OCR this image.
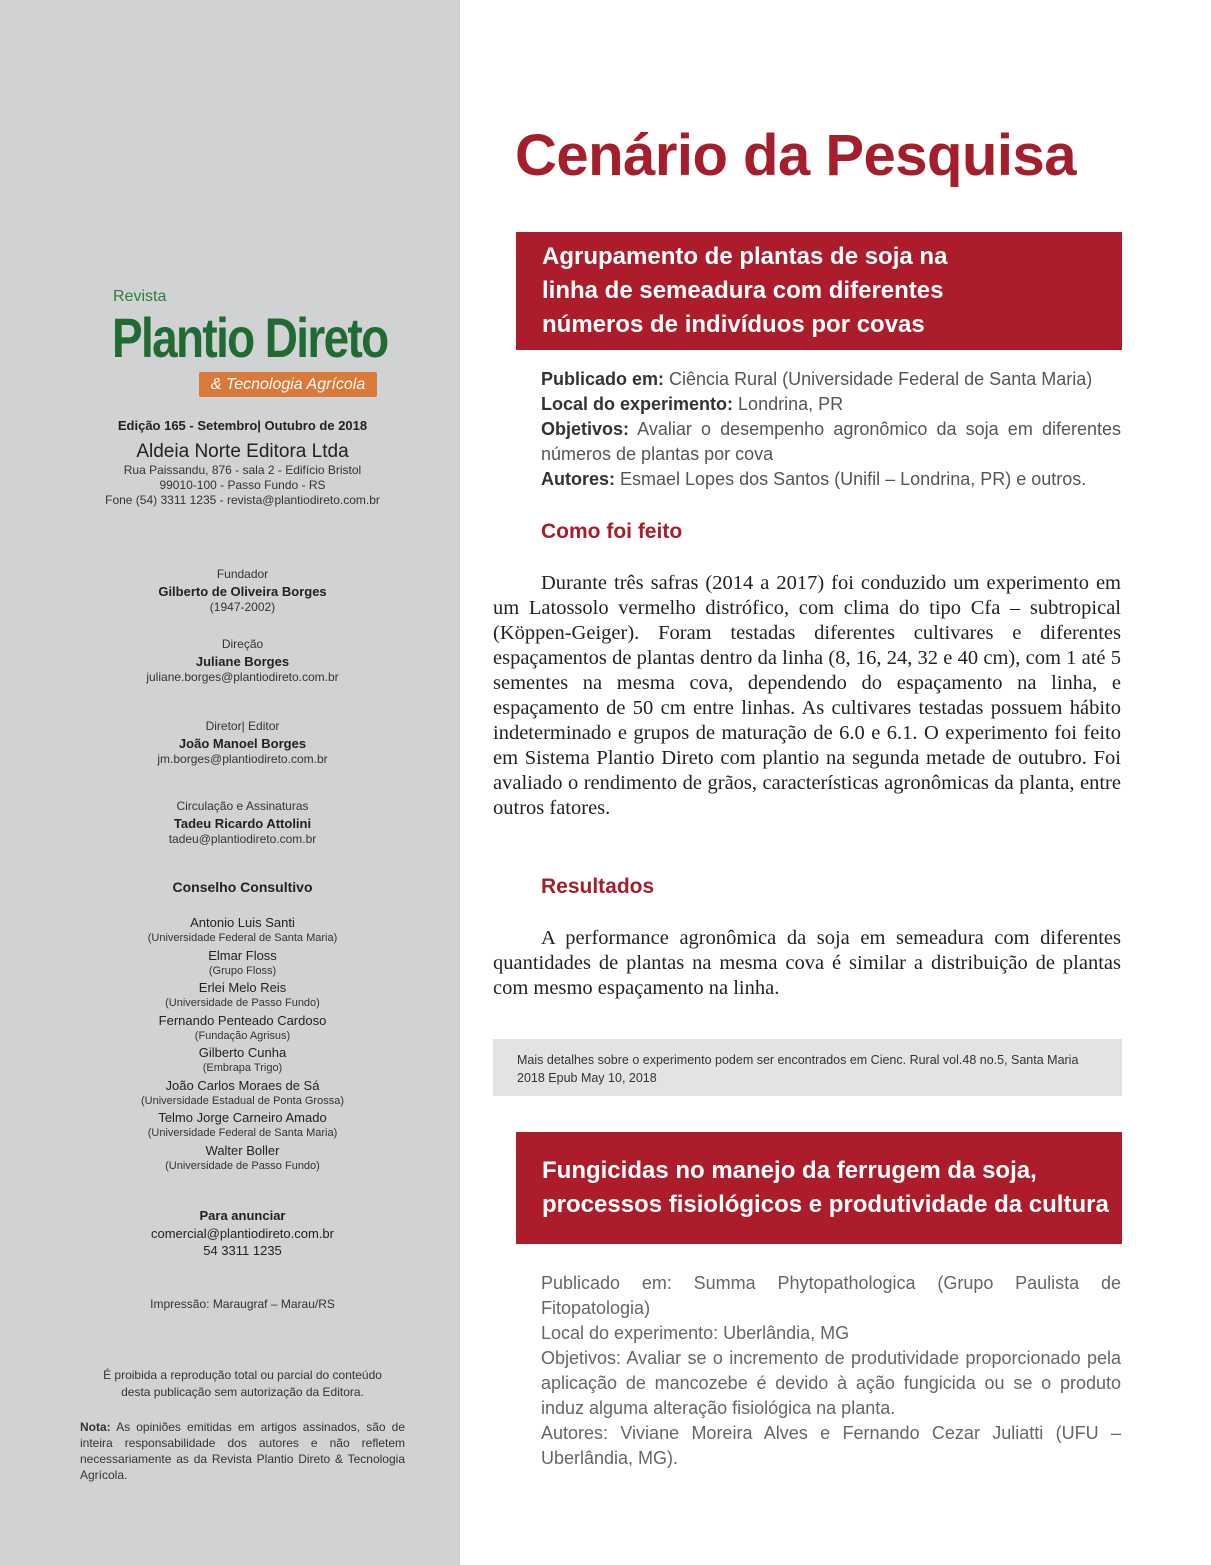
Revista
Plantio Direto
& Tecnologia Agrícola
Edição 165 - Setembro| Outubro de 2018
Aldeia Norte Editora Ltda
Rua Paissandu, 876 - sala 2 - Edifício Bristol
99010-100 - Passo Fundo - RS
Fone (54) 3311 1235 - revista@plantiodireto.com.br
Fundador
Gilberto de Oliveira Borges
(1947-2002)
Direção
Juliane Borges
juliane.borges@plantiodireto.com.br
Diretor| Editor
João Manoel Borges
jm.borges@plantiodireto.com.br
Circulação e Assinaturas
Tadeu Ricardo Attolini
tadeu@plantiodireto.com.br
Conselho Consultivo
Antonio Luis Santi
(Universidade Federal de Santa Maria)
Elmar Floss
(Grupo Floss)
Erlei Melo Reis
(Universidade de Passo Fundo)
Fernando Penteado Cardoso
(Fundação Agrisus)
Gilberto Cunha
(Embrapa Trigo)
João Carlos Moraes de Sá
(Universidade Estadual de Ponta Grossa)
Telmo Jorge Carneiro Amado
(Universidade Federal de Santa Maria)
Walter Boller
(Universidade de Passo Fundo)
Para anunciar
comercial@plantiodireto.com.br
54 3311 1235
Impressão: Maraugraf – Marau/RS
É proibida a reprodução total ou parcial do conteúdo
desta publicação sem autorização da Editora.
Nota: As opiniões emitidas em artigos assinados, são de inteira responsabilidade dos autores e não refletem necessariamente as da Revista Plantio Direto & Tecnologia Agrícola.
Cenário da Pesquisa
Agrupamento de plantas de soja na
linha de semeadura com diferentes
números de indivíduos por covas
Publicado em: Ciência Rural (Universidade Federal de Santa Maria)
Local do experimento: Londrina, PR
Objetivos: Avaliar o desempenho agronômico da soja em diferentes números de plantas por cova
Autores: Esmael Lopes dos Santos (Unifil – Londrina, PR) e outros.
Como foi feito
Durante três safras (2014 a 2017) foi conduzido um experimento em um Latossolo vermelho distrófico, com clima do tipo Cfa – subtropical (Köppen-Geiger). Foram testadas diferentes cultivares e diferentes espaçamentos de plantas dentro da linha (8, 16, 24, 32 e 40 cm), com 1 até 5 sementes na mesma cova, dependendo do espaçamento na linha, e espaçamento de 50 cm entre linhas. As cultivares testadas possuem hábito indeterminado e grupos de maturação de 6.0 e 6.1. O experimento foi feito em Sistema Plantio Direto com plantio na segunda metade de outubro. Foi avaliado o rendimento de grãos, características agronômicas da planta, entre outros fatores.
Resultados
A performance agronômica da soja em semeadura com diferentes quantidades de plantas na mesma cova é similar a distribuição de plantas com mesmo espaçamento na linha.
Mais detalhes sobre o experimento podem ser encontrados em Cienc. Rural vol.48 no.5, Santa Maria 2018 Epub May 10, 2018
Fungicidas no manejo da ferrugem da soja,
processos fisiológicos e produtividade da cultura
Publicado em: Summa Phytopathologica (Grupo Paulista de Fitopatologia)
Local do experimento: Uberlândia, MG
Objetivos: Avaliar se o incremento de produtividade proporcionado pela aplicação de mancozebe é devido à ação fungicida ou se o produto induz alguma alteração fisiológica na planta.
Autores: Viviane Moreira Alves e Fernando Cezar Juliatti (UFU – Uberlândia, MG).
